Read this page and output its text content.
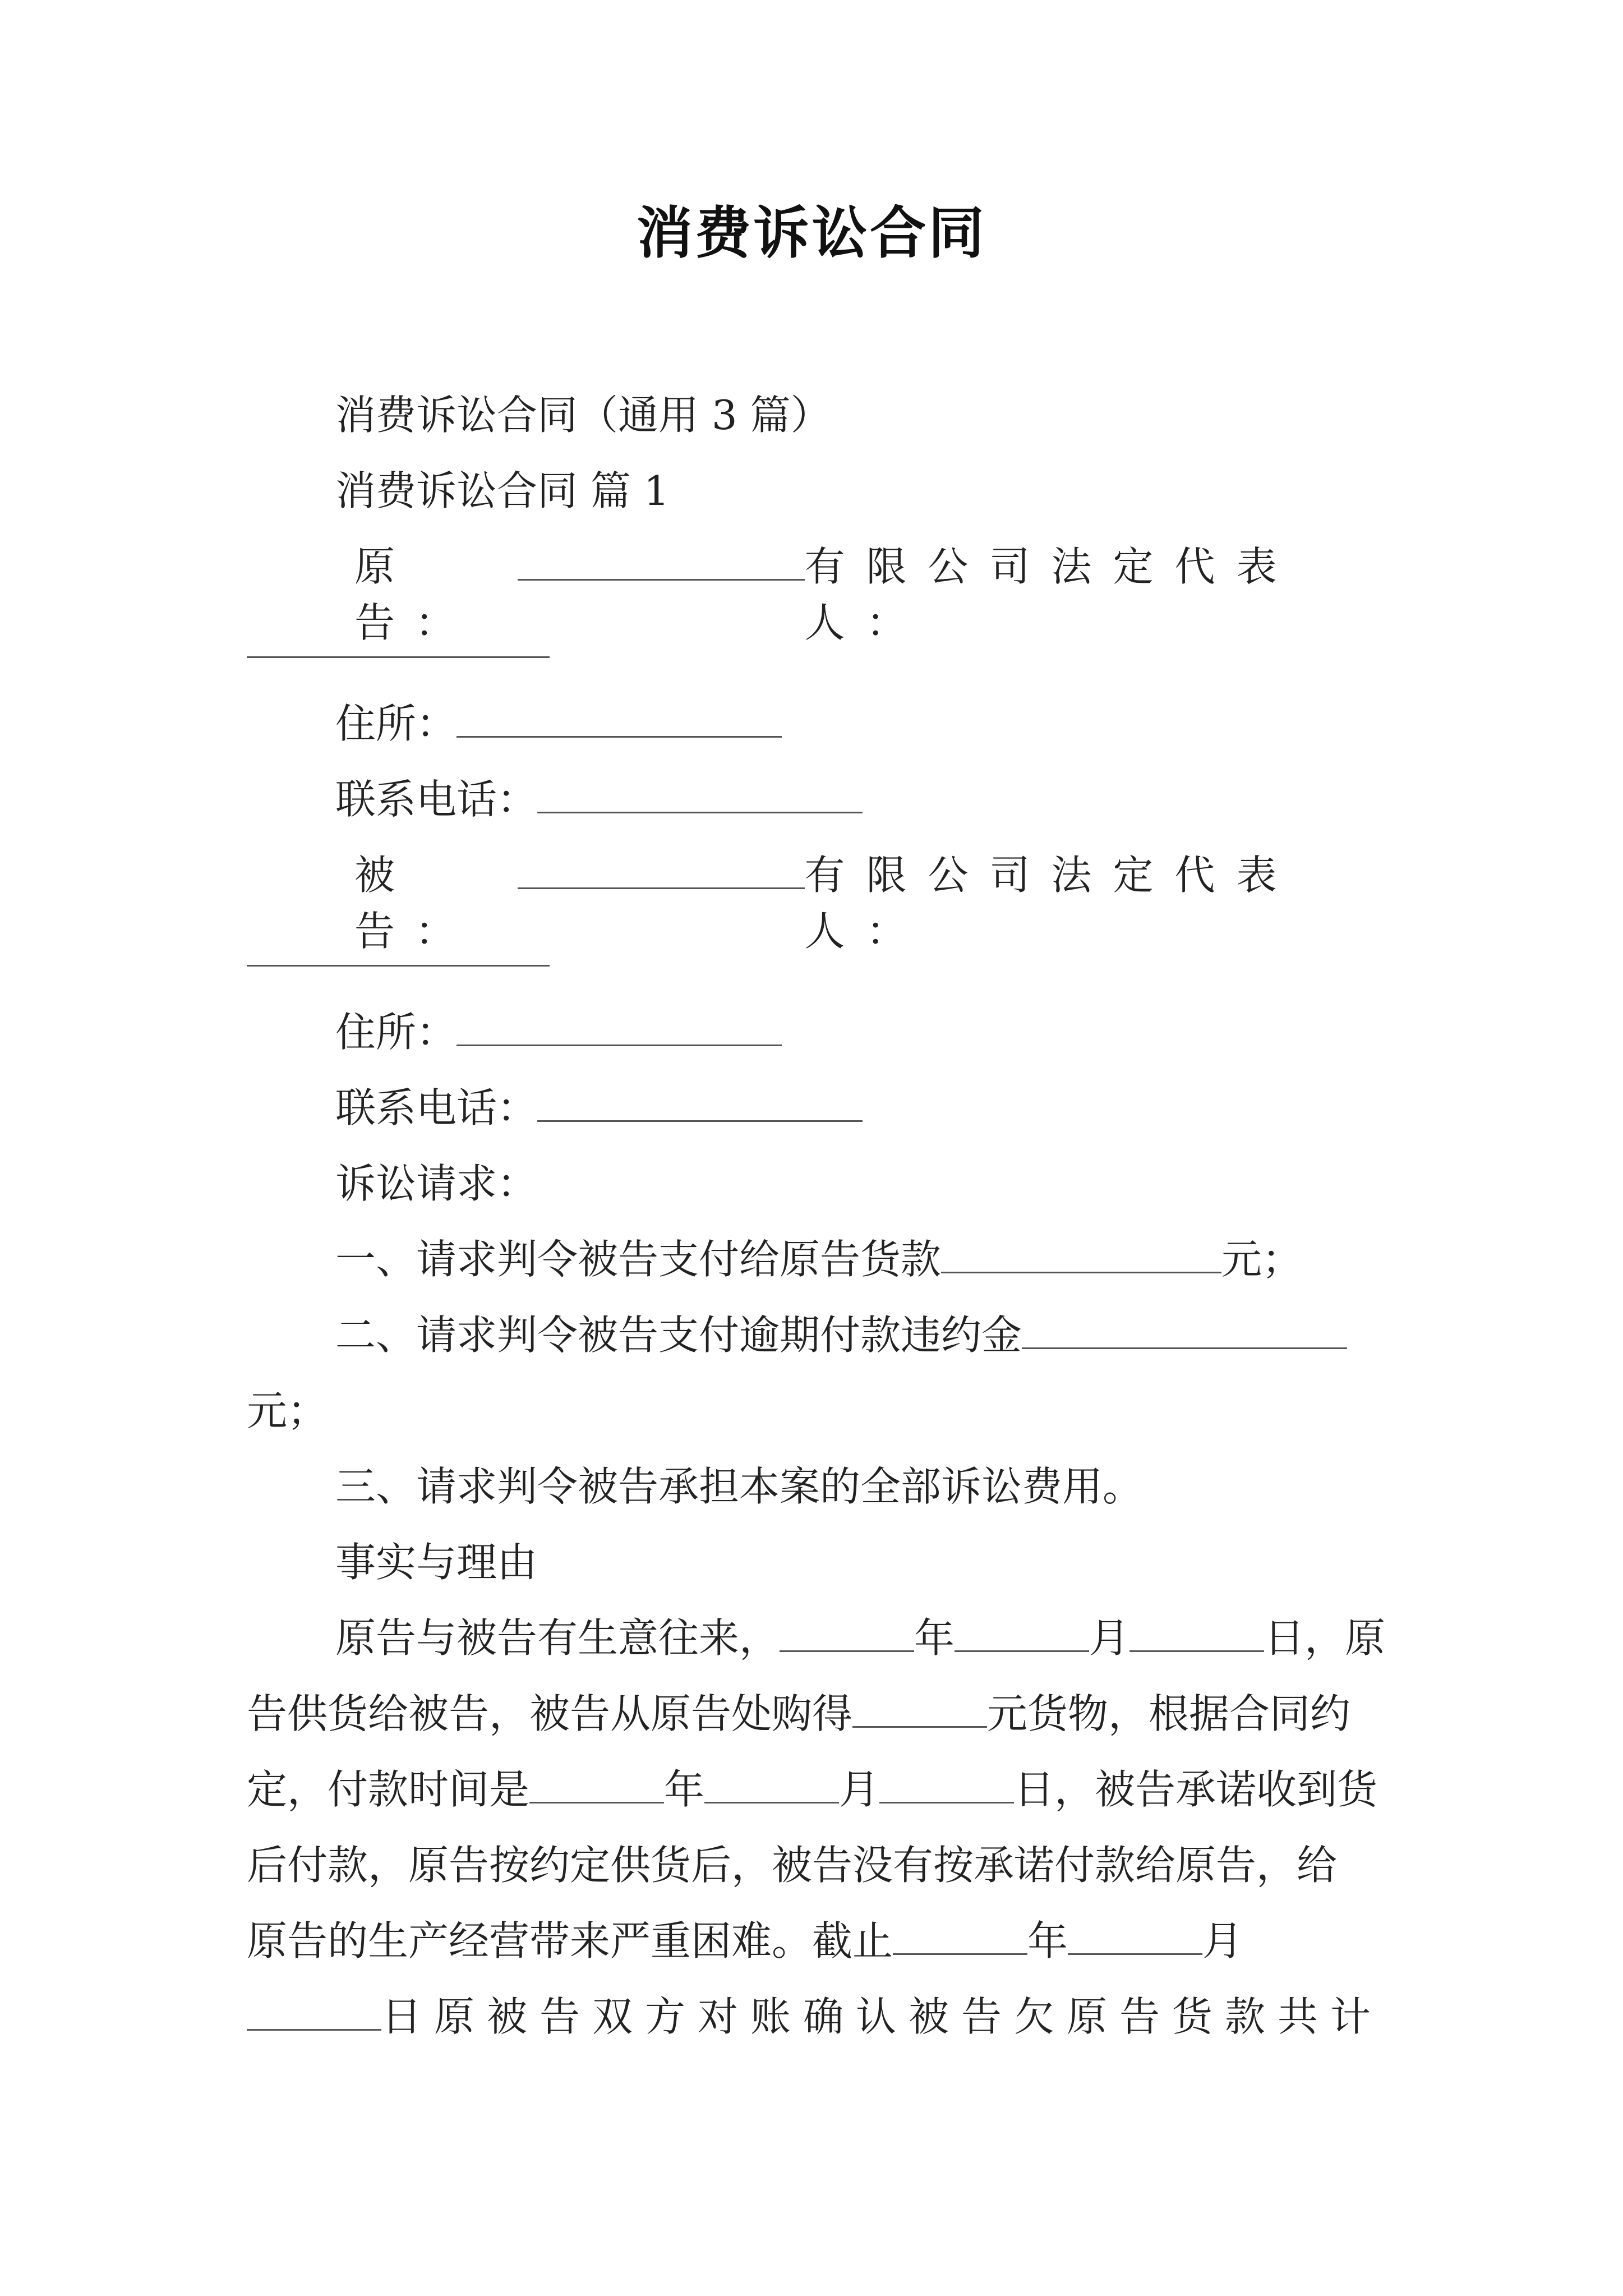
消费诉讼合同
消费诉讼合同（通用 3 篇）
消费诉讼合同 篇 1
原告：
有限公司法定代表人：
住所：
联系电话：
被告：
有限公司法定代表人：
住所：
联系电话：
诉讼请求：
一、请求判令被告支付给原告货款	元；
二、请求判令被告支付逾期付款违约金
元；
三、请求判令被告承担本案的全部诉讼费用。
事实与理由
原告与被告有生意往来，	年	月	日，原
告供货给被告，被告从原告处购得	元货物，根据合同约
定，付款时间是	年	月	日，被告承诺收到货
后付款，原告按约定供货后，被告没有按承诺付款给原告，给
原告的生产经营带来严重困难。截止	年	月
日原被告双方对账确认被告欠原告货款共计
